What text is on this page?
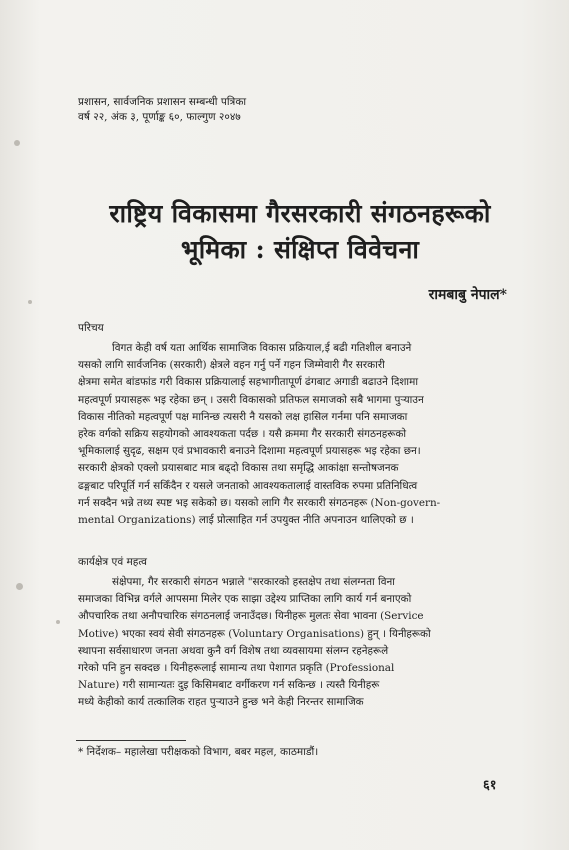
प्रशासन, सार्वजनिक प्रशासन सम्बन्धी पत्रिका
वर्ष २२, अंक ३, पूर्णाङ्क ६०, फाल्गुण २०४७
राष्ट्रिय विकासमा गैरसरकारी संगठनहरूको
भूमिका : संक्षिप्त विवेचना
रामबाबु नेपाल*
परिचय
विगत केही वर्ष यता आर्थिक सामाजिक विकास प्रक्रियाल,ई बढी गतिशील बनाउने
यसको लागि सार्वजनिक (सरकारी) क्षेत्रले वहन गर्नु पर्ने गहन जिम्मेवारी गैर सरकारी
क्षेत्रमा समेत बांडफांड गरी विकास प्रक्रियालाई सहभागीतापूर्ण ढंगबाट अगाडी बढाउने दिशामा
महत्वपूर्ण प्रयासहरू भइ रहेका छन् । उसरी विकासको प्रतिफल समाजको सबै भागमा पुऱ्याउन
विकास नीतिको महत्वपूर्ण पक्ष मानिन्छ त्यसरी नै यसको लक्ष हासिल गर्नमा पनि समाजका
हरेक वर्गको सक्रिय सहयोगको आवश्यकता पर्दछ । यसै क्रममा गैर सरकारी संगठनहरूको
भूमिकालाई सुदृढ, सक्षम एवं प्रभावकारी बनाउने दिशामा महत्वपूर्ण प्रयासहरू भइ रहेका छन।
सरकारी क्षेत्रको एक्लो प्रयासबाट मात्र बढ्दो विकास तथा समृद्धि आकांक्षा सन्तोषजनक
ढङ्गबाट परिपूर्ति गर्न सकिँदैन र यसले जनताको आवश्यकतालाई वास्तविक रुपमा प्रतिनिधित्व
गर्न सक्दैन भन्ने तथ्य स्पष्ट भइ सकेको छ। यसको लागि गैर सरकारी संगठनहरू (Non-govern-
mental Organizations) लाई प्रोत्साहित गर्न उपयुक्त नीति अपनाउन थालिएको छ ।
कार्यक्षेत्र एवं महत्व
संक्षेपमा, गैर सरकारी संगठन भन्नाले "सरकारको हस्तक्षेप तथा संलग्नता विना
समाजका विभिन्न वर्गले आपसमा मिलेर एक साझा उद्देश्य प्राप्तिका लागि कार्य गर्न बनाएको
औपचारिक तथा अनौपचारिक संगठनलाई जनाउँदछ। यिनीहरू मुलतः सेवा भावना (Service
Motive) भएका स्वयं सेवी संगठनहरू (Voluntary Organisations) हुन् । यिनीहरूको
स्थापना सर्वसाधारण जनता अथवा कुनै वर्ग विशेष तथा व्यवसायमा संलग्न रहनेहरूले
गरेको पनि हुन सक्दछ । यिनीहरूलाई सामान्य तथा पेशागत प्रकृति (Professional
Nature) गरी सामान्यतः दुइ किसिमबाट वर्गीकरण गर्न सकिन्छ । त्यस्तै यिनीहरू
मध्ये केहीको कार्य तत्कालिक राहत पुऱ्याउने हुन्छ भने केही निरन्तर सामाजिक
* निर्देशक– महालेखा परीक्षकको विभाग, बबर महल, काठमाडौं।
६१
